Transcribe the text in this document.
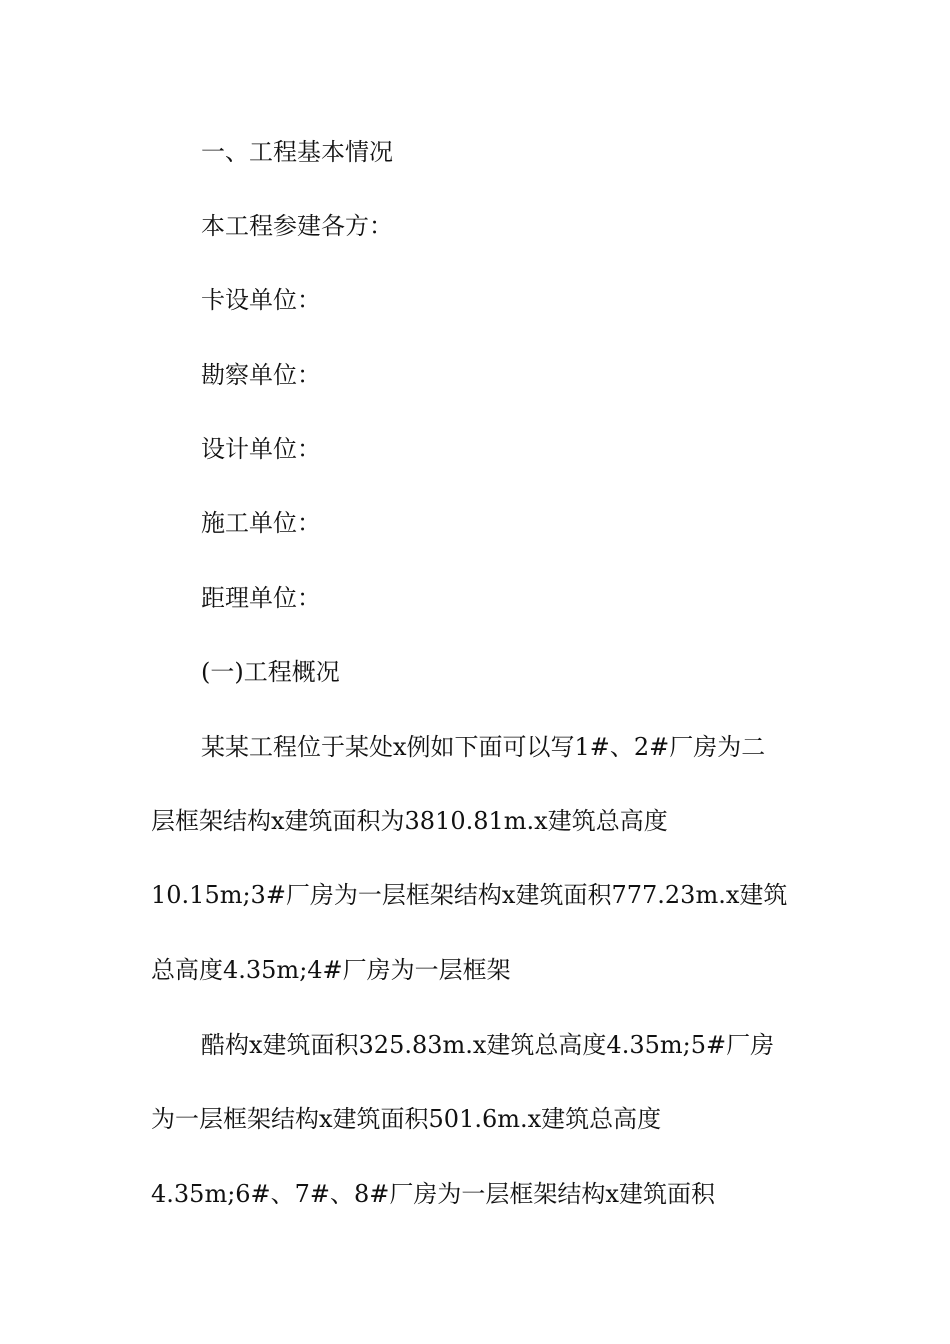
一、工程基本情况
本工程参建各方：
卡设单位：
勘察单位：
设计单位：
施工单位：
距理单位：
(一)工程概况
某某工程位于某处x例如下面可以写1#、2#厂房为二
层框架结构x建筑面积为3810.81m.x建筑总高度
10.15m;3#厂房为一层框架结构x建筑面积777.23m.x建筑
总高度4.35m;4#厂房为一层框架
酷构x建筑面积325.83m.x建筑总高度4.35m;5#厂房
为一层框架结构x建筑面积501.6m.x建筑总高度
4.35m;6#、7#、8#厂房为一层框架结构x建筑面积
